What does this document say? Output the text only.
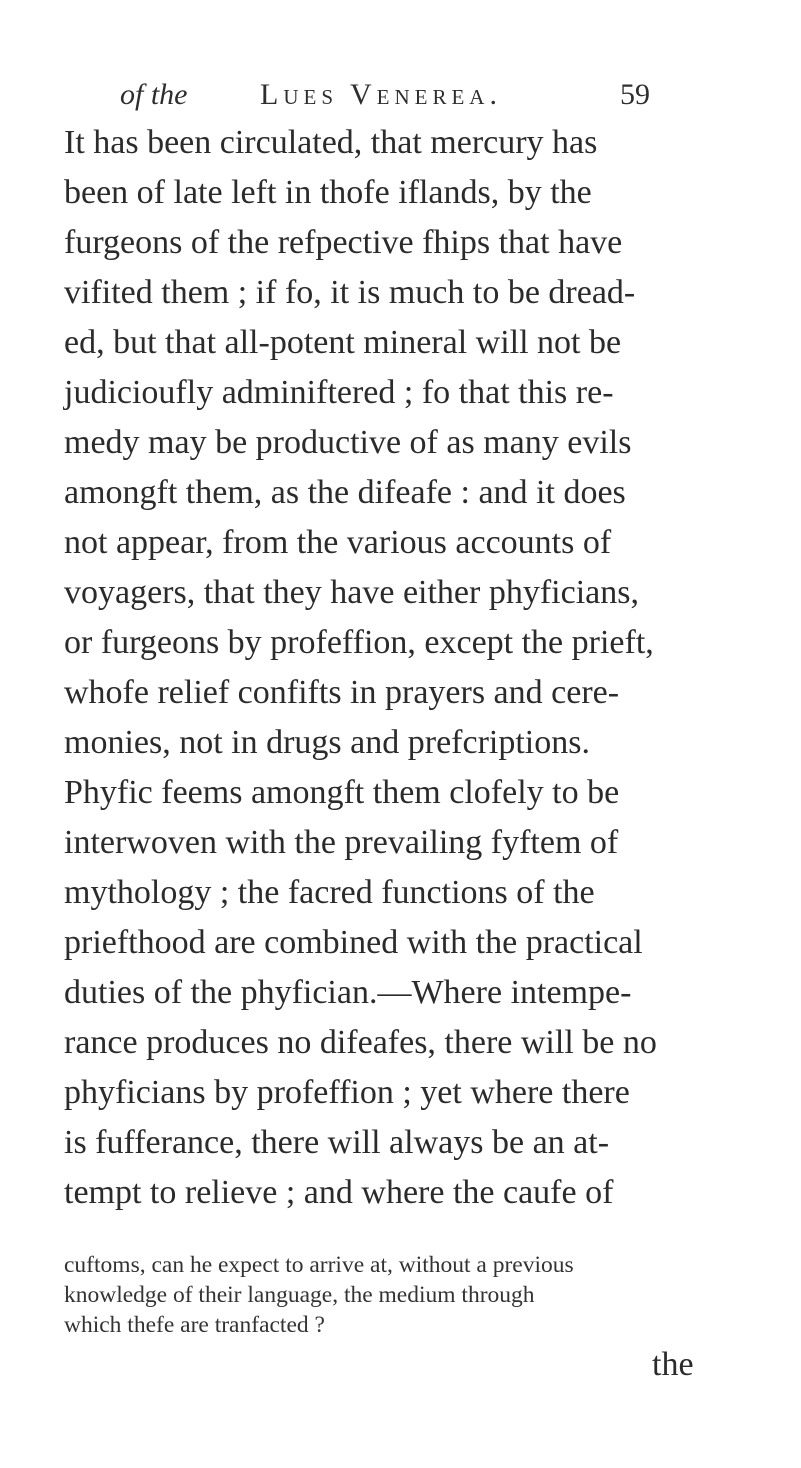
of the Lues Venerea.	59
It has been circulated, that mercury has
been of late left in thofe iflands, by the
furgeons of the refpective fhips that have
vifited them ; if fo, it is much to be dread-
ed, but that all-potent mineral will not be
judicioufly adminiftered ; fo that this re-
medy may be productive of as many evils
amongft them, as the difeafe : and it does
not appear, from the various accounts of
voyagers, that they have either phyficians,
or furgeons by profeffion, except the prieft,
whofe relief confifts in prayers and cere-
monies, not in drugs and prefcriptions.
Phyfic feems amongft them clofely to be
interwoven with the prevailing fyftem of
mythology ; the facred functions of the
priefthood are combined with the practical
duties of the phyfician.—Where intempe-
rance produces no difeafes, there will be no
phyficians by profeffion ; yet where there
is fufferance, there will always be an at-
tempt to relieve ; and where the caufe of
cuftoms, can he expect to arrive at, without a previous
knowledge of their language, the medium through
which thefe are tranfacted ?
the
